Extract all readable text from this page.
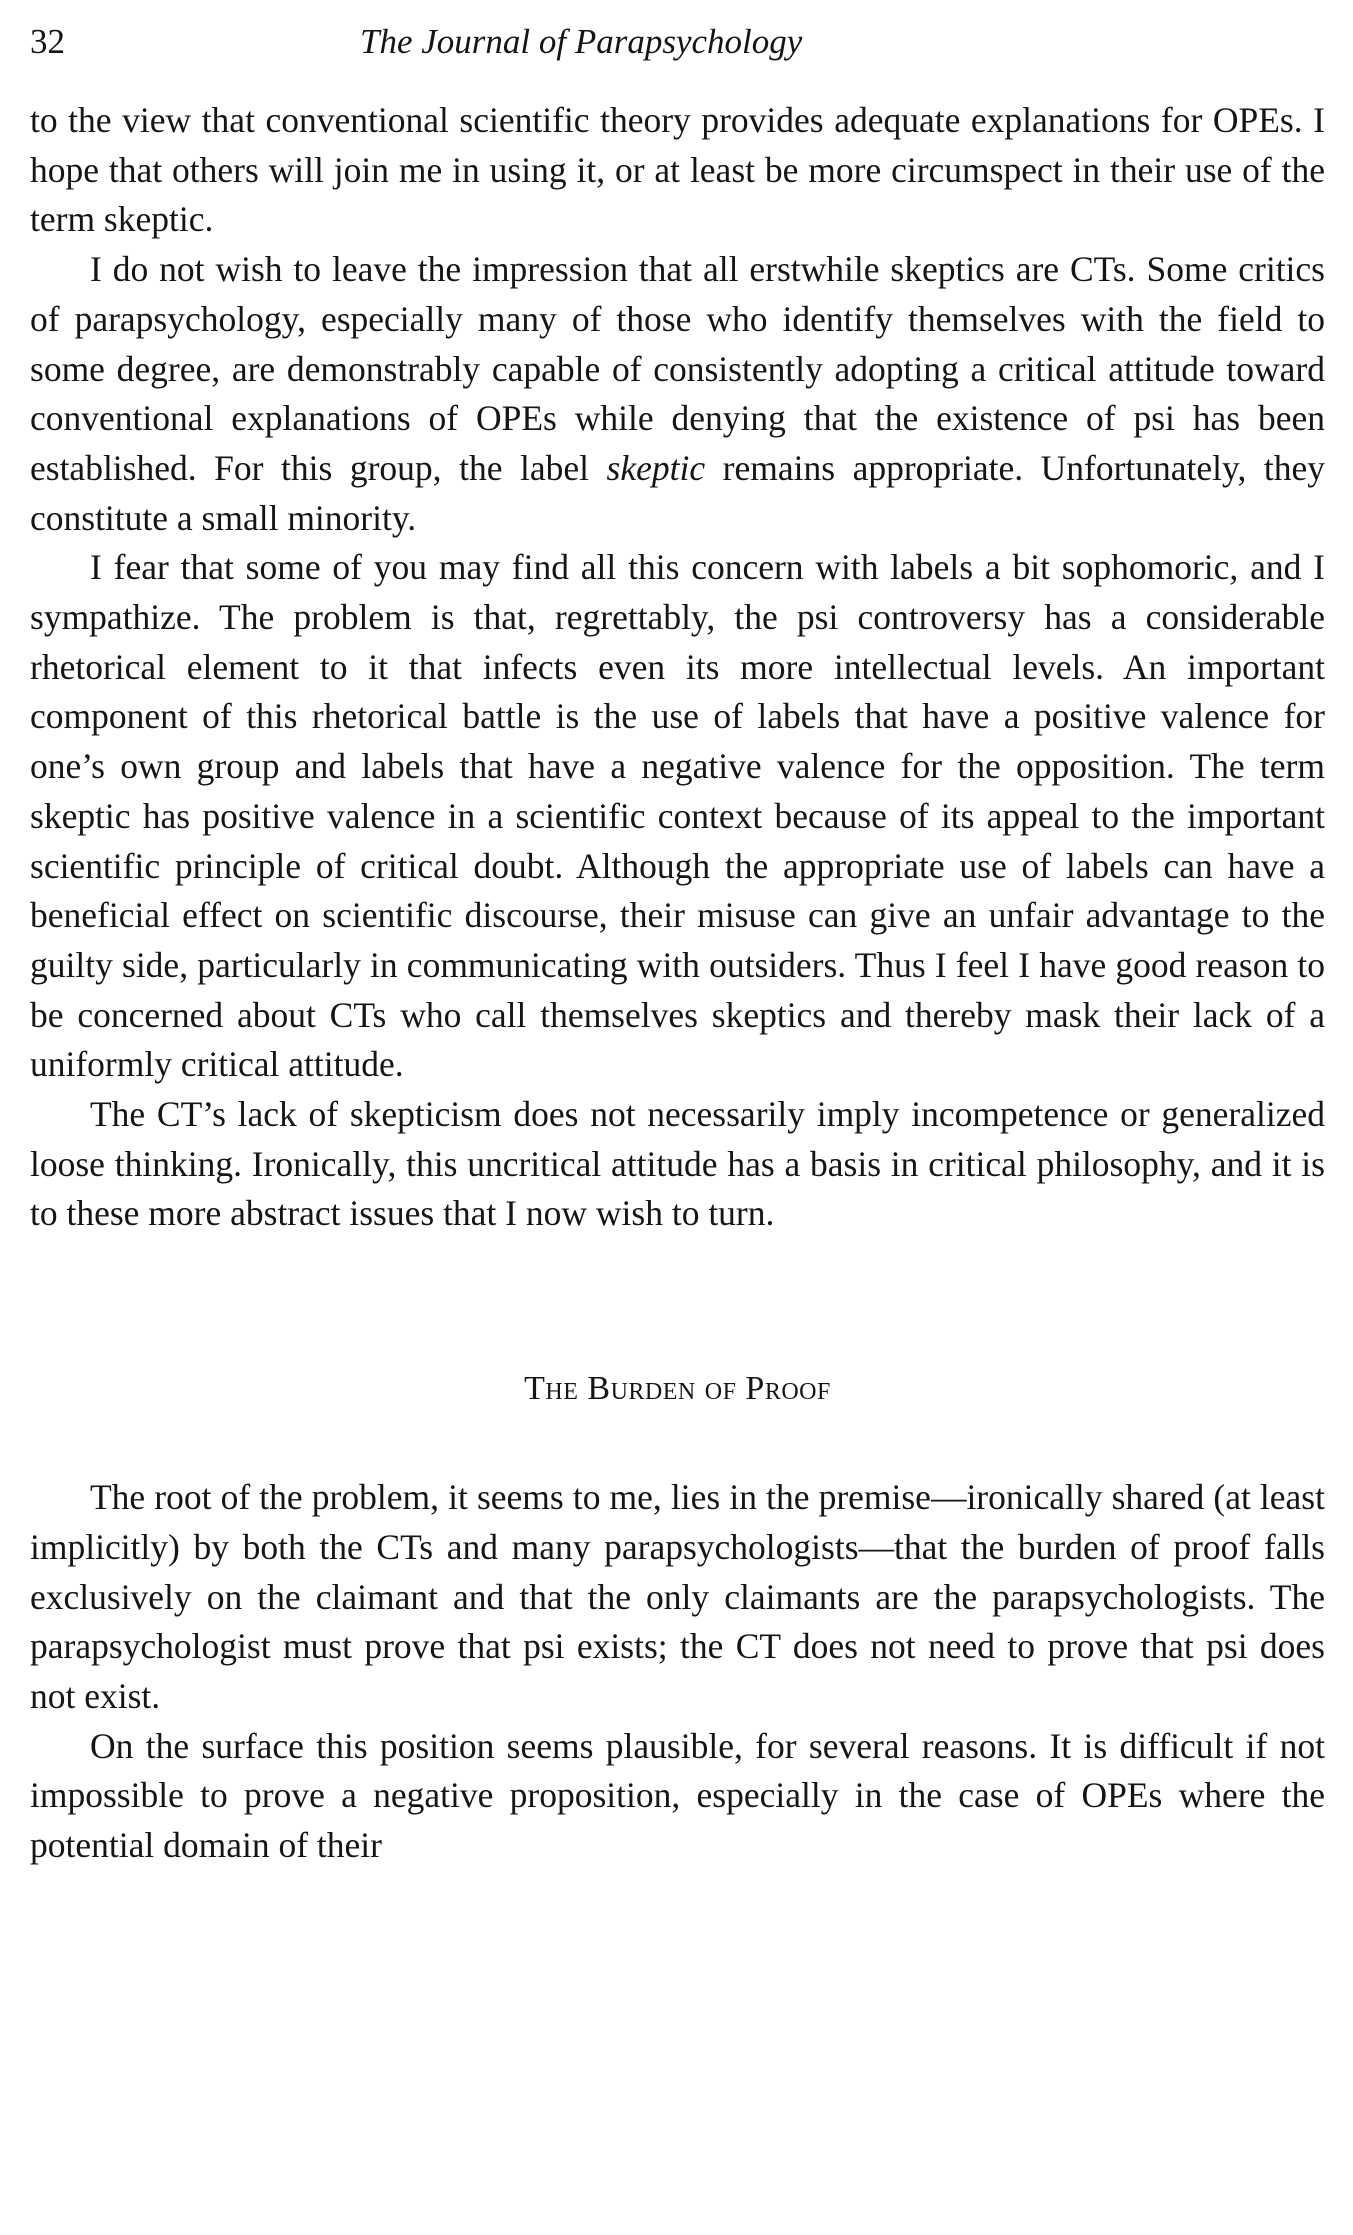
32	The Journal of Parapsychology

to the view that conventional scientific theory provides adequate explanations for OPEs. I hope that others will join me in using it, or at least be more circumspect in their use of the term skeptic.

I do not wish to leave the impression that all erstwhile skeptics are CTs. Some critics of parapsychology, especially many of those who identify themselves with the field to some degree, are demonstrably capable of consistently adopting a critical attitude toward conventional explanations of OPEs while denying that the existence of psi has been established. For this group, the label skeptic remains appropriate. Unfortunately, they constitute a small minority.

I fear that some of you may find all this concern with labels a bit sophomoric, and I sympathize. The problem is that, regrettably, the psi controversy has a considerable rhetorical element to it that infects even its more intellectual levels. An important component of this rhetorical battle is the use of labels that have a positive valence for one’s own group and labels that have a negative valence for the opposition. The term skeptic has positive valence in a scientific context because of its appeal to the important scientific principle of critical doubt. Although the appropriate use of labels can have a beneficial effect on scientific discourse, their misuse can give an unfair advantage to the guilty side, particularly in communicating with outsiders. Thus I feel I have good reason to be concerned about CTs who call themselves skeptics and thereby mask their lack of a uniformly critical attitude.

The CT’s lack of skepticism does not necessarily imply incompetence or generalized loose thinking. Ironically, this uncritical attitude has a basis in critical philosophy, and it is to these more abstract issues that I now wish to turn.

The Burden of Proof

The root of the problem, it seems to me, lies in the premise—ironically shared (at least implicitly) by both the CTs and many parapsychologists—that the burden of proof falls exclusively on the claimant and that the only claimants are the parapsychologists. The parapsychologist must prove that psi exists; the CT does not need to prove that psi does not exist.

On the surface this position seems plausible, for several reasons. It is difficult if not impossible to prove a negative proposition, especially in the case of OPEs where the potential domain of their
